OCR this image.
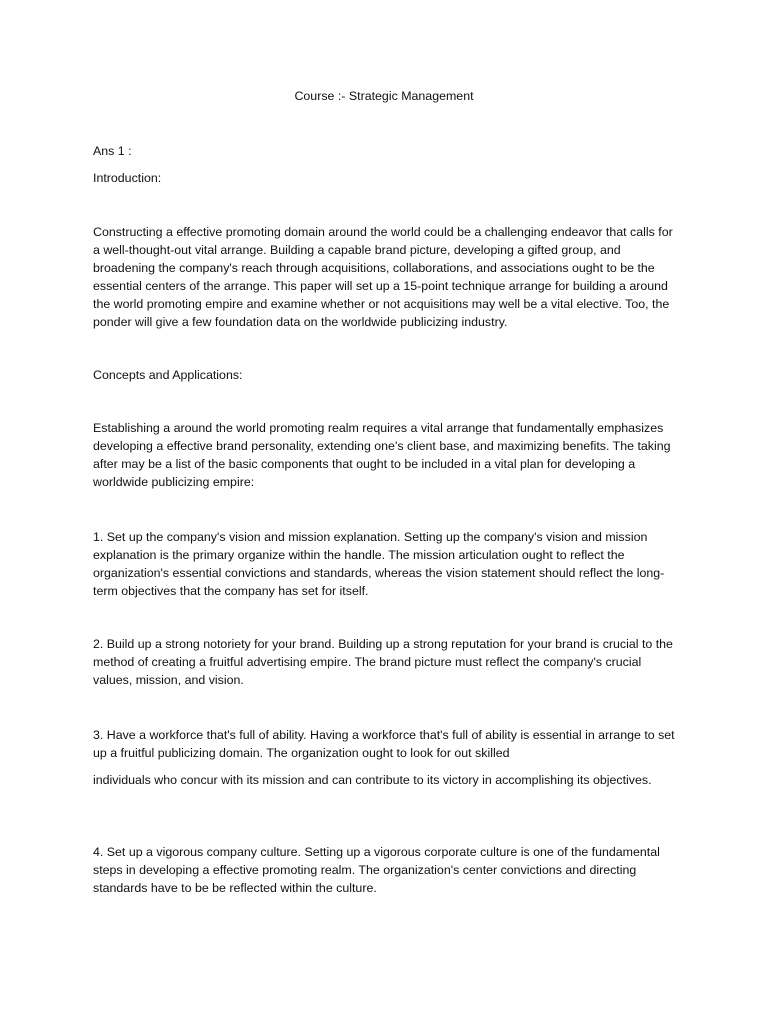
Course :- Strategic Management

Ans 1 :

Introduction:

Constructing a effective promoting domain around the world could be a challenging endeavor that calls for a well-thought-out vital arrange. Building a capable brand picture, developing a gifted group, and broadening the company's reach through acquisitions, collaborations, and associations ought to be the essential centers of the arrange. This paper will set up a 15-point technique arrange for building a around the world promoting empire and examine whether or not acquisitions may well be a vital elective. Too, the ponder will give a few foundation data on the worldwide publicizing industry.

Concepts and Applications:

Establishing a around the world promoting realm requires a vital arrange that fundamentally emphasizes developing a effective brand personality, extending one's client base, and maximizing benefits. The taking after may be a list of the basic components that ought to be included in a vital plan for developing a worldwide publicizing empire:

1. Set up the company's vision and mission explanation. Setting up the company's vision and mission explanation is the primary organize within the handle. The mission articulation ought to reflect the organization's essential convictions and standards, whereas the vision statement should reflect the long-term objectives that the company has set for itself.

2. Build up a strong notoriety for your brand. Building up a strong reputation for your brand is crucial to the method of creating a fruitful advertising empire. The brand picture must reflect the company's crucial values, mission, and vision.

3. Have a workforce that's full of ability. Having a workforce that's full of ability is essential in arrange to set up a fruitful publicizing domain. The organization ought to look for out skilled

individuals who concur with its mission and can contribute to its victory in accomplishing its objectives.

4. Set up a vigorous company culture. Setting up a vigorous corporate culture is one of the fundamental steps in developing a effective promoting realm. The organization's center convictions and directing standards have to be be reflected within the culture.
